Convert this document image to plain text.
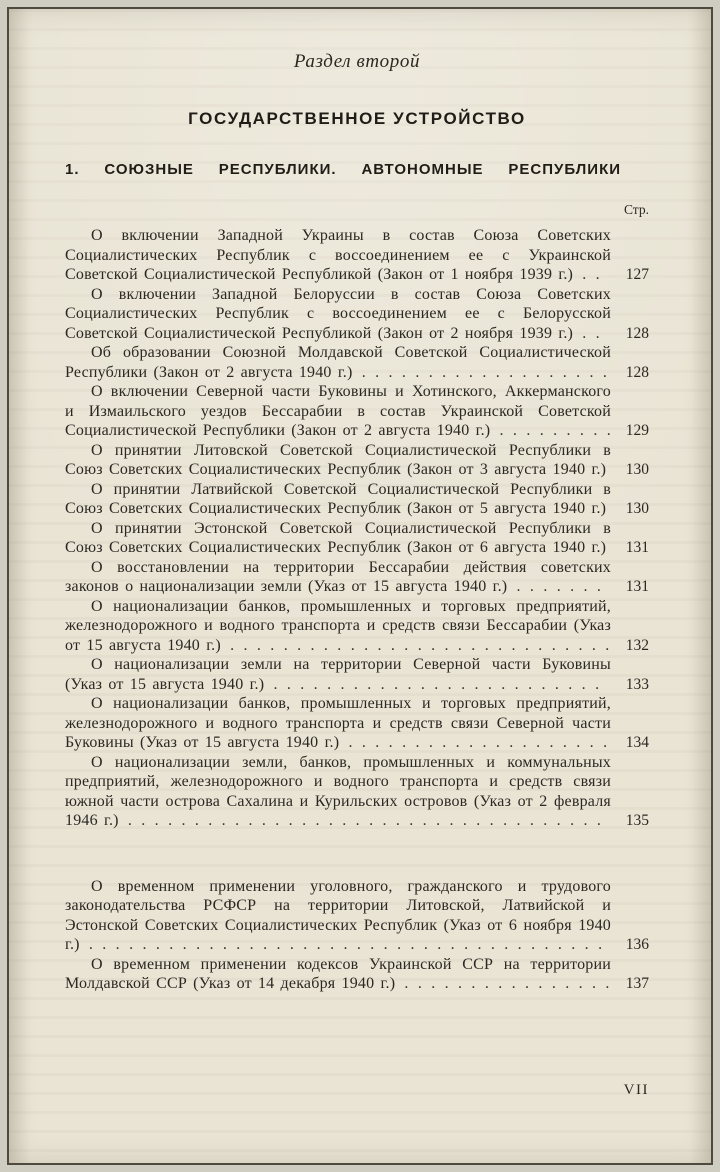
Раздел второй
ГОСУДАРСТВЕННОЕ УСТРОЙСТВО
1. СОЮЗНЫЕ РЕСПУБЛИКИ. АВТОНОМНЫЕ РЕСПУБЛИКИ
Стр.
О включении Западной Украины в состав Союза Советских Социалистических Республик с воссоединением ее с Украинской Советской Социалистической Республикой (Закон от 1 ноября 1939 г.) . .	127
О включении Западной Белоруссии в состав Союза Советских Социалистических Республик с воссоединением ее с Белорусской Советской Социалистической Республикой (Закон от 2 ноября 1939 г.) . .	128
Об образовании Союзной Молдавской Советской Социалистической Республики (Закон от 2 августа 1940 г.) . . . . . . . . . . . . . . . . . . .	128
О включении Северной части Буковины и Хотинского, Аккерманского и Измаильского уездов Бессарабии в состав Украинской Советской Социалистической Республики (Закон от 2 августа 1940 г.) . . . . . . . . . 129
О принятии Литовской Советской Социалистической Республики в Союз Советских Социалистических Республик (Закон от 3 августа 1940 г.)	130
О принятии Латвийской Советской Социалистической Республики в Союз Советских Социалистических Республик (Закон от 5 августа 1940 г.)	130
О принятии Эстонской Советской Социалистической Республики в Союз Советских Социалистических Республик (Закон от 6 августа 1940 г.)	131
О восстановлении на территории Бессарабии действия советских законов о национализации земли (Указ от 15 августа 1940 г.) . . . . . . .	131
О национализации банков, промышленных и торговых предприятий, железнодорожного и водного транспорта и средств связи Бессарабии (Указ от 15 августа 1940 г.) . . . . . . . . . . . . . . . . . . . . . . . . . . . . .	132
О национализации земли на территории Северной части Буковины (Указ от 15 августа 1940 г.) . . . . . . . . . . . . . . . . . . . . . . . . .	133
О национализации банков, промышленных и торговых предприятий, железнодорожного и водного транспорта и средств связи Северной части Буковины (Указ от 15 августа 1940 г.) . . . . . . . . . . . . . . . . . . . .	134
О национализации земли, банков, промышленных и коммунальных предприятий, железнодорожного и водного транспорта и средств связи южной части острова Сахалина и Курильских островов (Указ от 2 февраля 1946 г.) . . . . . . . . . . . . . . . . . . . . . . . . . . . . . . . . . . . .	135
О временном применении уголовного, гражданского и трудового законодательства РСФСР на территории Литовской, Латвийской и Эстонской Советских Социалистических Республик (Указ от 6 ноября 1940 г.) . . . . . . . . . . . . . . . . . . . . . . . . . . . . . . . . . . . . . . .	136
О временном применении кодексов Украинской ССР на территории Молдавской ССР (Указ от 14 декабря 1940 г.) . . . . . . . . . . . . . . . .	137
VII
